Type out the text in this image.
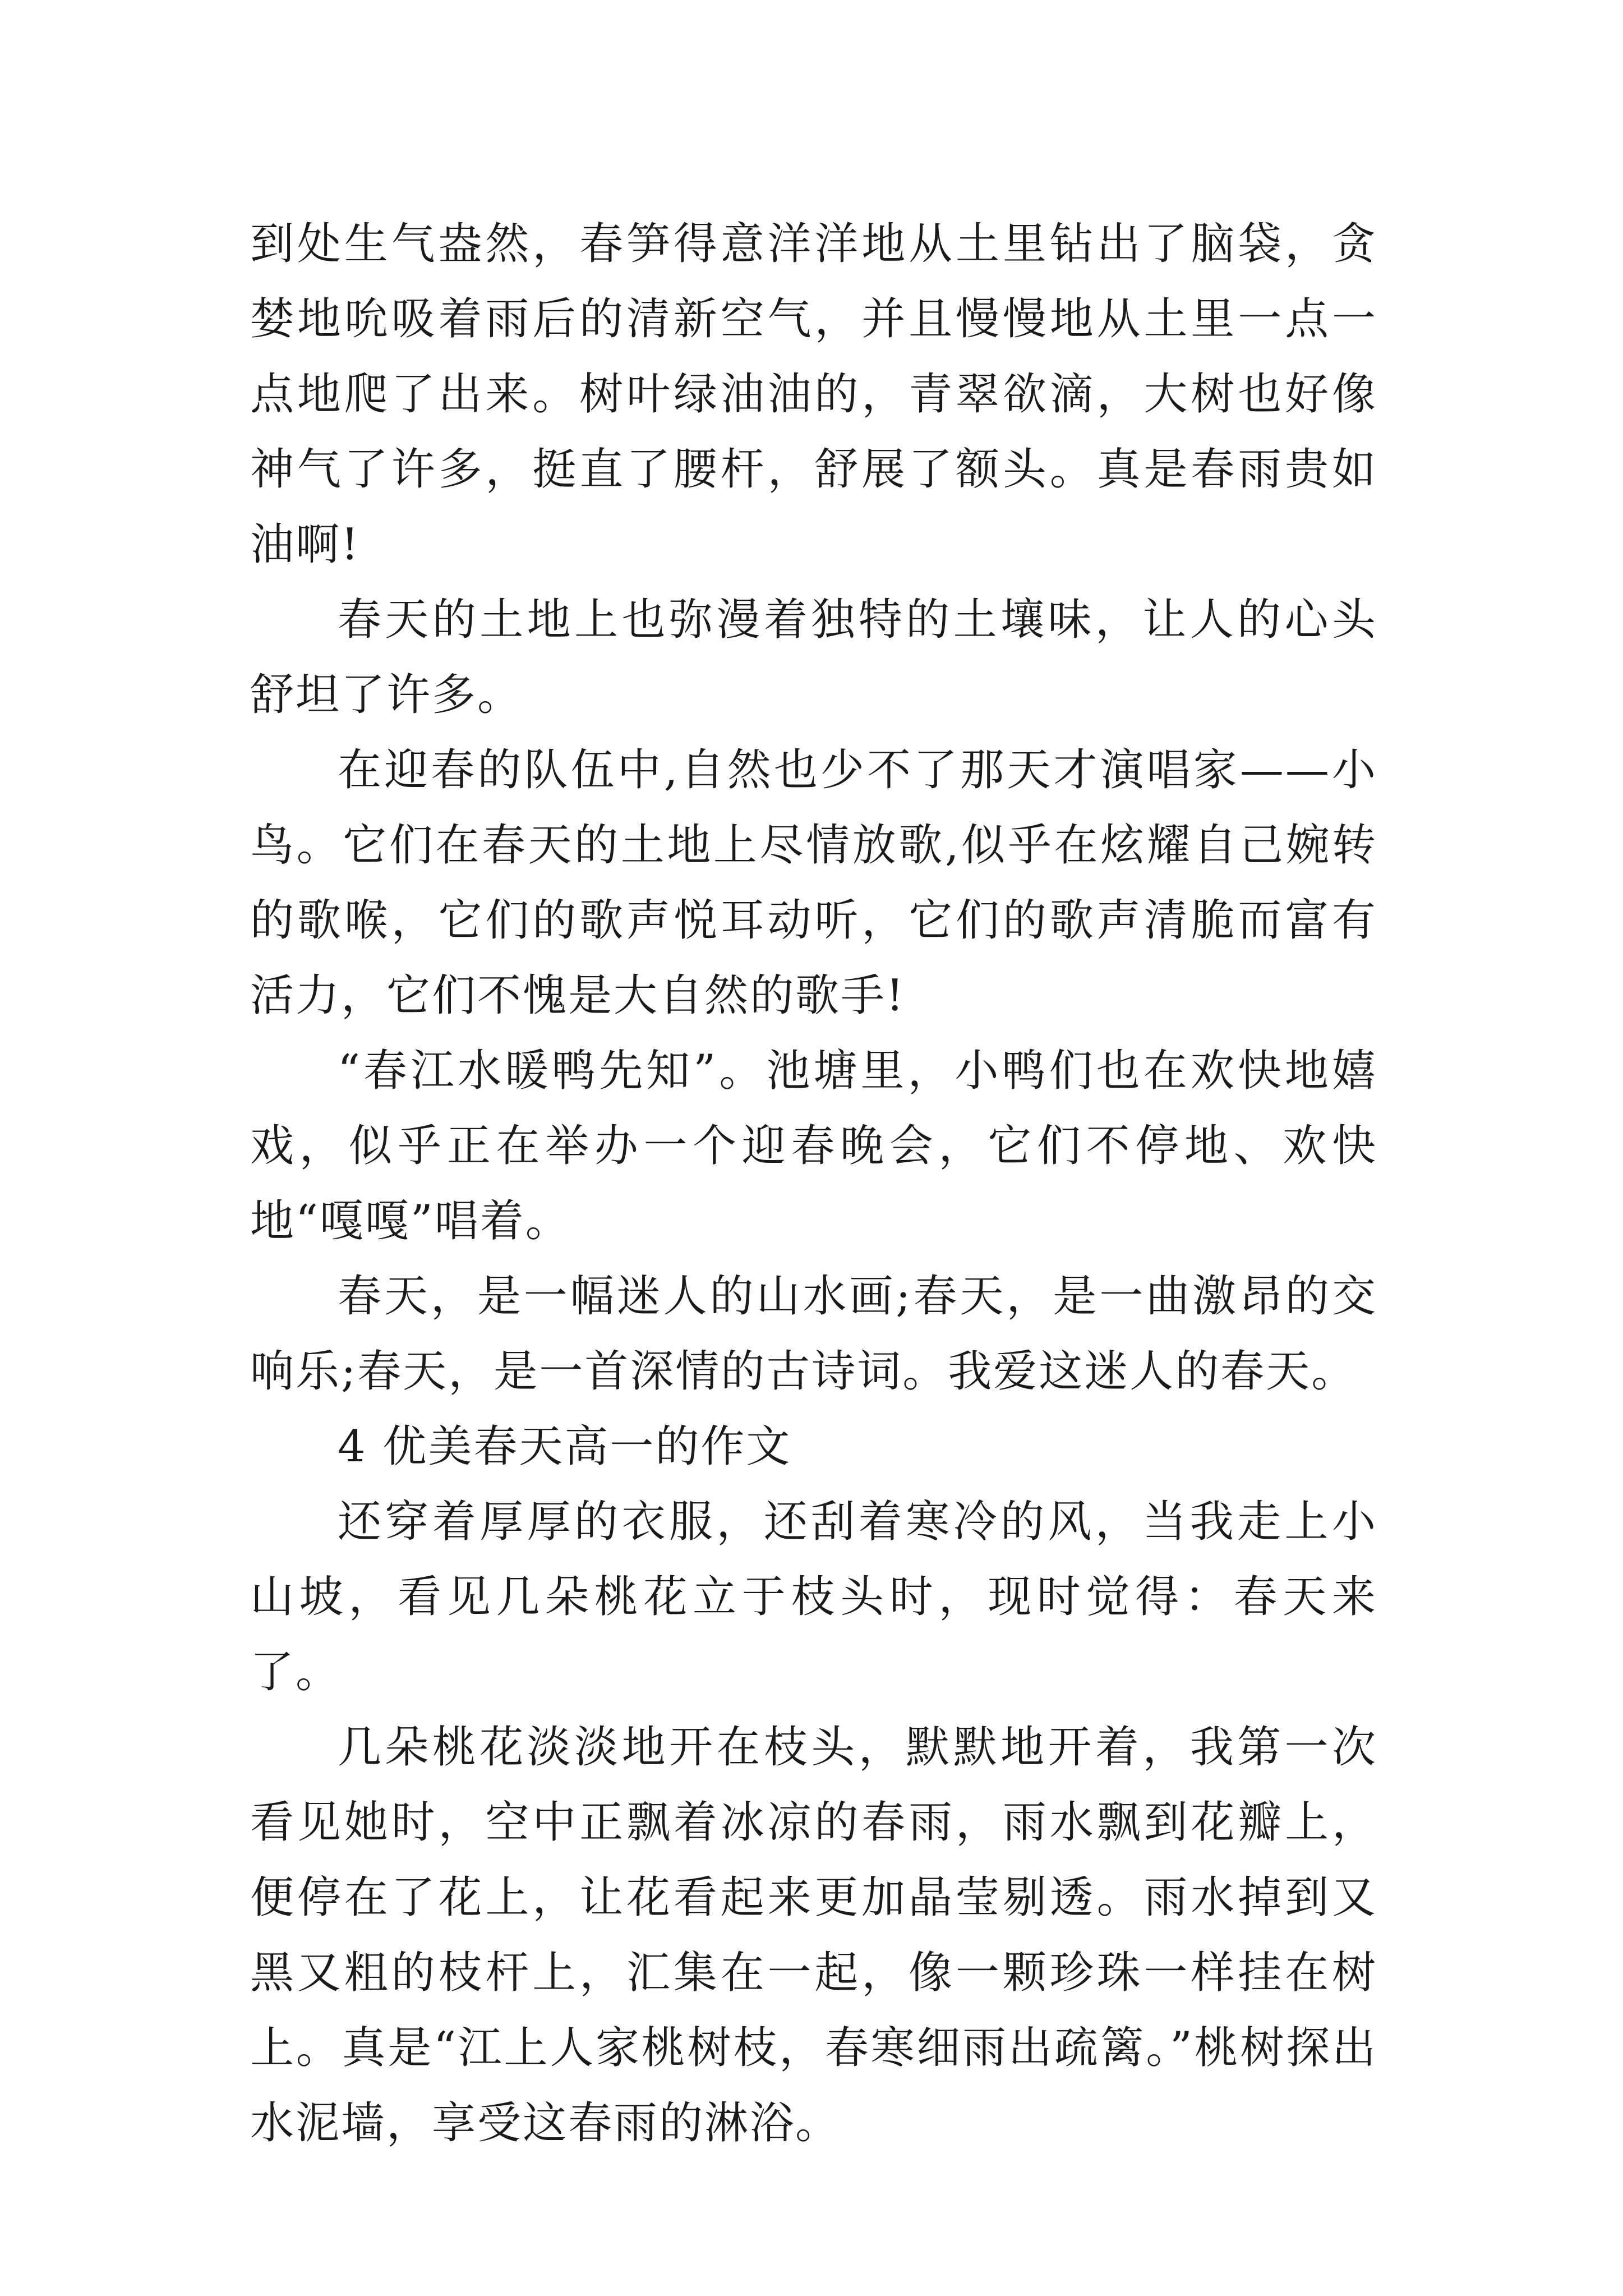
到处生气盎然，春笋得意洋洋地从土里钻出了脑袋，贪婪地吮吸着雨后的清新空气，并且慢慢地从土里一点一点地爬了出来。树叶绿油油的，青翠欲滴，大树也好像神气了许多，挺直了腰杆，舒展了额头。真是春雨贵如油啊!

春天的土地上也弥漫着独特的土壤味，让人的心头舒坦了许多。

在迎春的队伍中,自然也少不了那天才演唱家——小鸟。它们在春天的土地上尽情放歌,似乎在炫耀自己婉转的歌喉，它们的歌声悦耳动听，它们的歌声清脆而富有活力，它们不愧是大自然的歌手!

“春江水暖鸭先知”。池塘里，小鸭们也在欢快地嬉戏，似乎正在举办一个迎春晚会，它们不停地、欢快地“嘎嘎”唱着。

春天，是一幅迷人的山水画;春天，是一曲激昂的交响乐;春天，是一首深情的古诗词。我爱这迷人的春天。

4 优美春天高一的作文

还穿着厚厚的衣服，还刮着寒冷的风，当我走上小山坡，看见几朵桃花立于枝头时，现时觉得：春天来了。

几朵桃花淡淡地开在枝头，默默地开着，我第一次看见她时，空中正飘着冰凉的春雨，雨水飘到花瓣上，便停在了花上，让花看起来更加晶莹剔透。雨水掉到又黑又粗的枝杆上，汇集在一起，像一颗珍珠一样挂在树上。真是“江上人家桃树枝，春寒细雨出疏篱。”桃树探出水泥墙，享受这春雨的淋浴。
